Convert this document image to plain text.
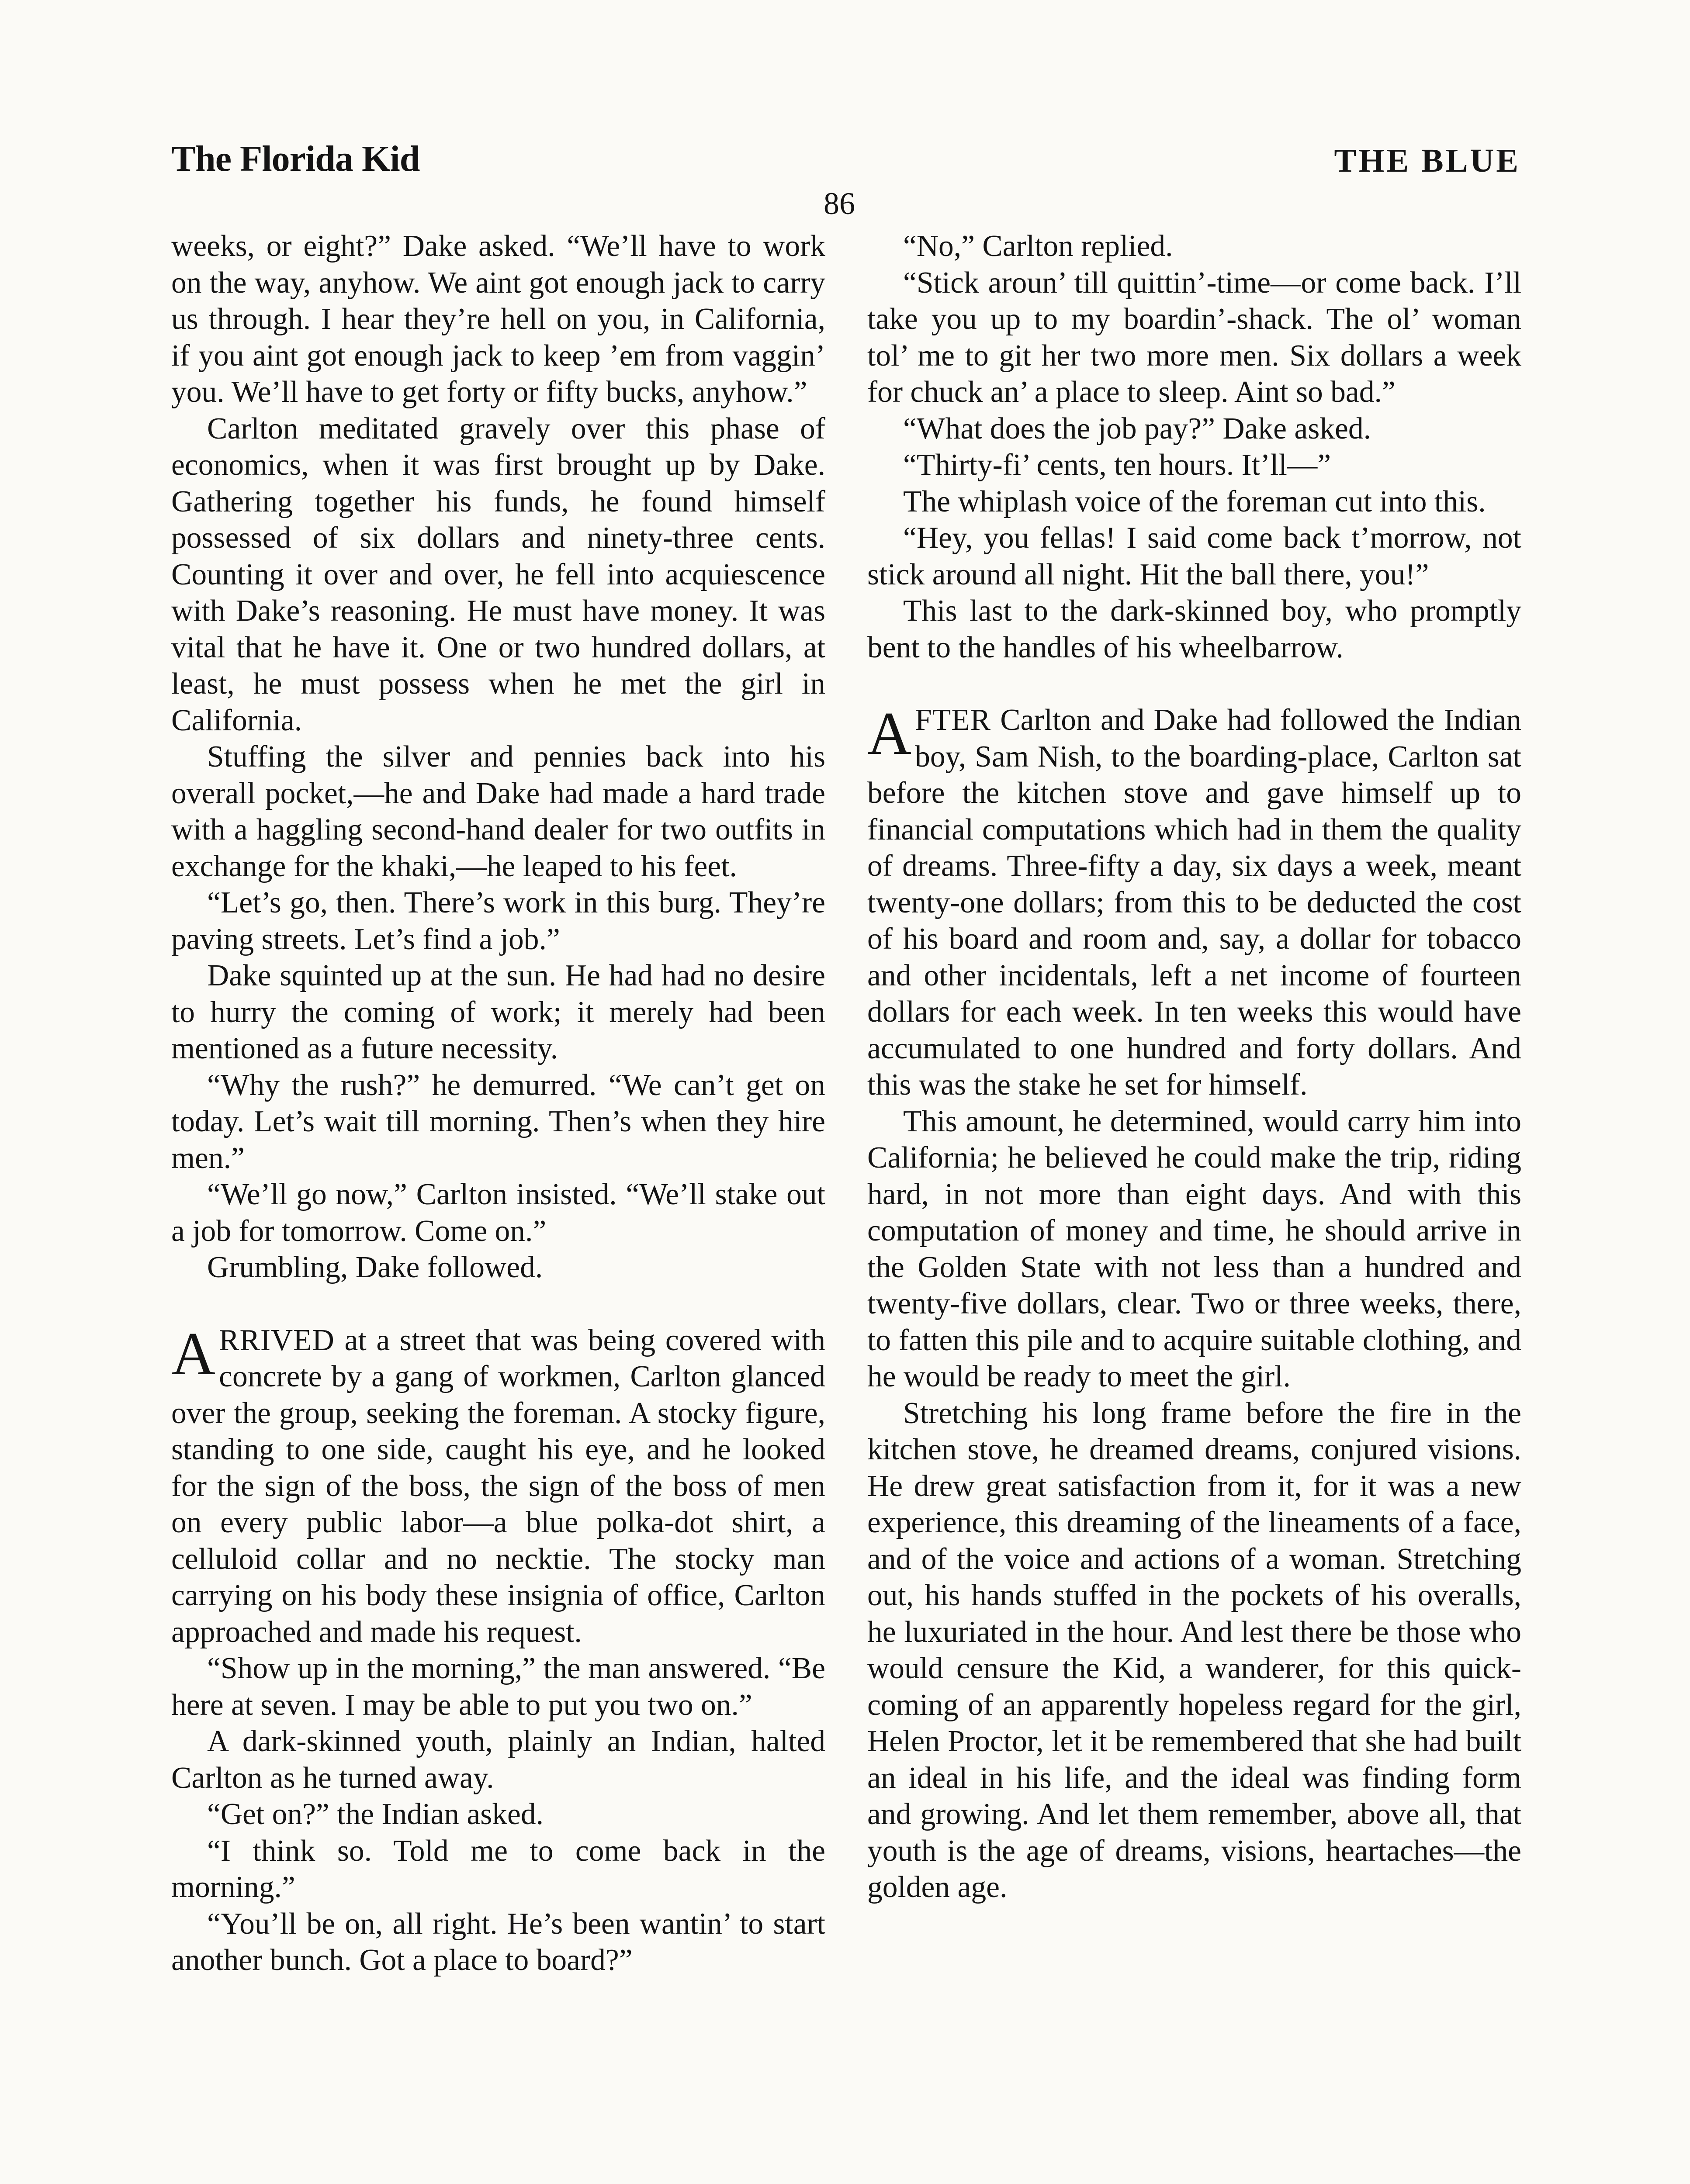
The Florida Kid	THE BLUE
86

weeks, or eight?” Dake asked. “We’ll have to work on the way, anyhow. We aint got enough jack to carry us through. I hear they’re hell on you, in California, if you aint got enough jack to keep ’em from vaggin’ you. We’ll have to get forty or fifty bucks, anyhow.”

Carlton meditated gravely over this phase of economics, when it was first brought up by Dake. Gathering together his funds, he found himself possessed of six dollars and ninety-three cents. Counting it over and over, he fell into acquiescence with Dake’s reasoning. He must have money. It was vital that he have it. One or two hundred dollars, at least, he must possess when he met the girl in California.

Stuffing the silver and pennies back into his overall pocket,—he and Dake had made a hard trade with a haggling second-hand dealer for two outfits in exchange for the khaki,—he leaped to his feet.

“Let’s go, then. There’s work in this burg. They’re paving streets. Let’s find a job.”

Dake squinted up at the sun. He had had no desire to hurry the coming of work; it merely had been mentioned as a future necessity.

“Why the rush?” he demurred. “We can’t get on today. Let’s wait till morning. Then’s when they hire men.”

“We’ll go now,” Carlton insisted. “We’ll stake out a job for tomorrow. Come on.”

Grumbling, Dake followed.

ARRIVED at a street that was being covered with concrete by a gang of workmen, Carlton glanced over the group, seeking the foreman. A stocky figure, standing to one side, caught his eye, and he looked for the sign of the boss, the sign of the boss of men on every public labor—a blue polka-dot shirt, a celluloid collar and no necktie. The stocky man carrying on his body these insignia of office, Carlton approached and made his request.

“Show up in the morning,” the man answered. “Be here at seven. I may be able to put you two on.”

A dark-skinned youth, plainly an Indian, halted Carlton as he turned away.

“Get on?” the Indian asked.

“I think so. Told me to come back in the morning.”

“You’ll be on, all right. He’s been wantin’ to start another bunch. Got a place to board?”

“No,” Carlton replied.

“Stick aroun’ till quittin’-time—or come back. I’ll take you up to my boardin’-shack. The ol’ woman tol’ me to git her two more men. Six dollars a week for chuck an’ a place to sleep. Aint so bad.”

“What does the job pay?” Dake asked.

“Thirty-fi’ cents, ten hours. It’ll—”

The whiplash voice of the foreman cut into this.

“Hey, you fellas! I said come back t’morrow, not stick around all night. Hit the ball there, you!”

This last to the dark-skinned boy, who promptly bent to the handles of his wheelbarrow.

AFTER Carlton and Dake had followed the Indian boy, Sam Nish, to the boarding-place, Carlton sat before the kitchen stove and gave himself up to financial computations which had in them the quality of dreams. Three-fifty a day, six days a week, meant twenty-one dollars; from this to be deducted the cost of his board and room and, say, a dollar for tobacco and other incidentals, left a net income of fourteen dollars for each week. In ten weeks this would have accumulated to one hundred and forty dollars. And this was the stake he set for himself.

This amount, he determined, would carry him into California; he believed he could make the trip, riding hard, in not more than eight days. And with this computation of money and time, he should arrive in the Golden State with not less than a hundred and twenty-five dollars, clear. Two or three weeks, there, to fatten this pile and to acquire suitable clothing, and he would be ready to meet the girl.

Stretching his long frame before the fire in the kitchen stove, he dreamed dreams, conjured visions. He drew great satisfaction from it, for it was a new experience, this dreaming of the lineaments of a face, and of the voice and actions of a woman. Stretching out, his hands stuffed in the pockets of his overalls, he luxuriated in the hour. And lest there be those who would censure the Kid, a wanderer, for this quick-coming of an apparently hopeless regard for the girl, Helen Proctor, let it be remembered that she had built an ideal in his life, and the ideal was finding form and growing. And let them remember, above all, that youth is the age of dreams, visions, heartaches—the golden age.
